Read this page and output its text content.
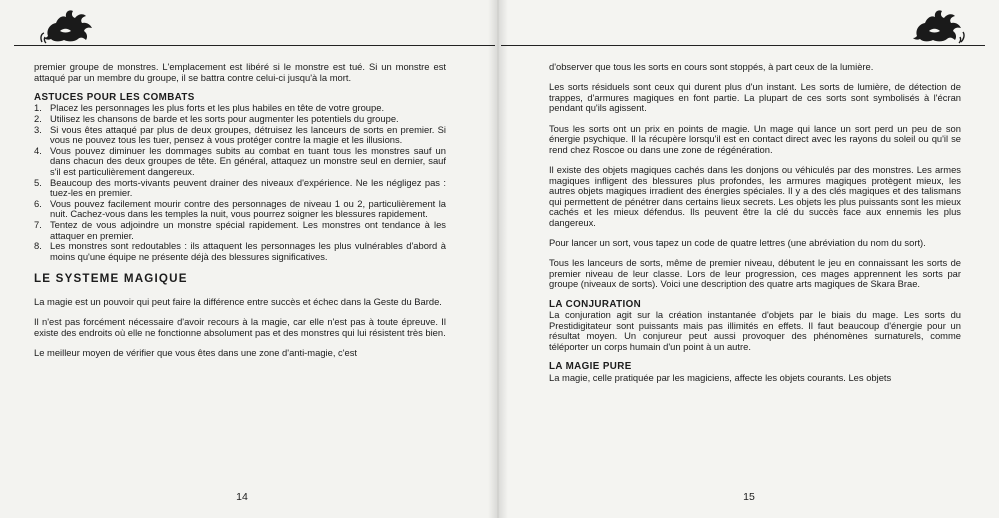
premier groupe de monstres. L'emplacement est libéré si le monstre est tué. Si un monstre est attaqué par un membre du groupe, il se battra contre celui-ci jusqu'à la mort.

ASTUCES POUR LES COMBATS
1. Placez les personnages les plus forts et les plus habiles en tête de votre groupe.
2. Utilisez les chansons de barde et les sorts pour augmenter les potentiels du groupe.
3. Si vous êtes attaqué par plus de deux groupes, détruisez les lanceurs de sorts en premier. Si vous ne pouvez tous les tuer, pensez à vous protéger contre la magie et les illusions.
4. Vous pouvez diminuer les dommages subits au combat en tuant tous les monstres sauf un dans chacun des deux groupes de tête. En général, attaquez un monstre seul en dernier, sauf s'il est particulièrement dangereux.
5. Beaucoup des morts-vivants peuvent drainer des niveaux d'expérience. Ne les négligez pas : tuez-les en premier.
6. Vous pouvez facilement mourir contre des personnages de niveau 1 ou 2, particulièrement la nuit. Cachez-vous dans les temples la nuit, vous pourrez soigner les blessures rapidement.
7. Tentez de vous adjoindre un monstre spécial rapidement. Les monstres ont tendance à les attaquer en premier.
8. Les monstres sont redoutables : ils attaquent les personnages les plus vulnérables d'abord à moins qu'une équipe ne présente déjà des blessures significatives.
LE SYSTEME MAGIQUE

La magie est un pouvoir qui peut faire la différence entre succès et échec dans la Geste du Barde.

Il n'est pas forcément nécessaire d'avoir recours à la magie, car elle n'est pas à toute épreuve. Il existe des endroits où elle ne fonctionne absolument pas et des monstres qui lui résistent très bien.

Le meilleur moyen de vérifier que vous êtes dans une zone d'anti-magie, c'est

14

d'observer que tous les sorts en cours sont stoppés, à part ceux de la lumière.

Les sorts résiduels sont ceux qui durent plus d'un instant. Les sorts de lumière, de détection de trappes, d'armures magiques en font partie. La plupart de ces sorts sont symbolisés à l'écran pendant qu'ils agissent.

Tous les sorts ont un prix en points de magie. Un mage qui lance un sort perd un peu de son énergie psychique. Il la récupère lorsqu'il est en contact direct avec les rayons du soleil ou qu'il se rend chez Roscoe ou dans une zone de régénération.

Il existe des objets magiques cachés dans les donjons ou véhiculés par des monstres. Les armes magiques infligent des blessures plus profondes, les armures magiques protègent mieux, les autres objets magiques irradient des énergies spéciales. Il y a des clés magiques et des talismans qui permettent de pénétrer dans certains lieux secrets. Les objets les plus puissants sont les mieux cachés et les mieux défendus. Ils peuvent être la clé du succès face aux ennemis les plus dangereux.

Pour lancer un sort, vous tapez un code de quatre lettres (une abréviation du nom du sort).

Tous les lanceurs de sorts, même de premier niveau, débutent le jeu en connaissant les sorts de premier niveau de leur classe. Lors de leur progression, ces mages apprennent les sorts par groupe (niveaux de sorts). Voici une description des quatre arts magiques de Skara Brae.

LA CONJURATION

La conjuration agit sur la création instantanée d'objets par le biais du mage. Les sorts du Prestidigitateur sont puissants mais pas illimités en effets. Il faut beaucoup d'énergie pour un résultat moyen. Un conjureur peut aussi provoquer des phénomènes surnaturels, comme téléporter un corps humain d'un point à un autre.

LA MAGIE PURE

La magie, celle pratiquée par les magiciens, affecte les objets courants. Les objets

15
